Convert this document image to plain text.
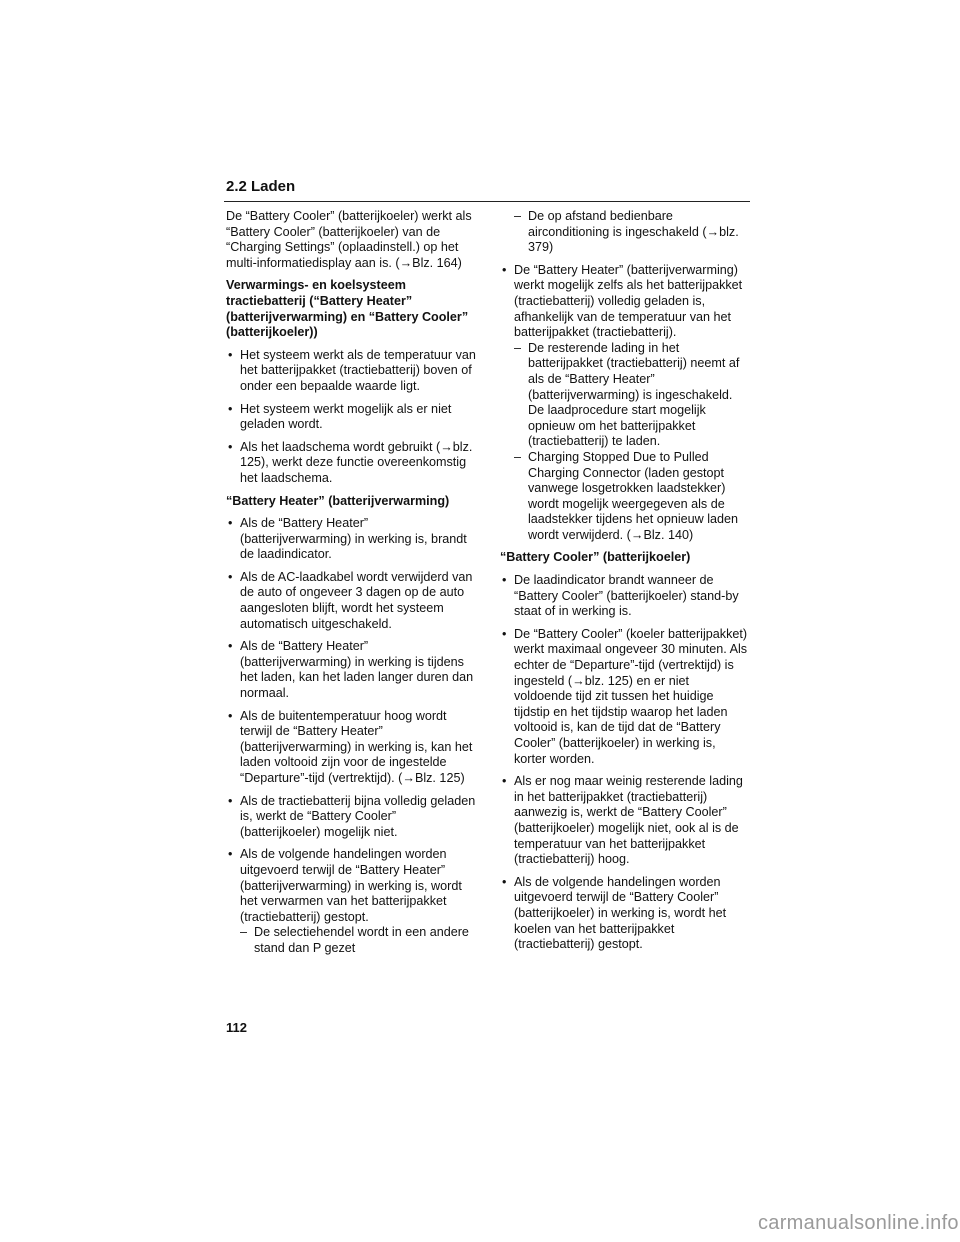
2.2 Laden

De “Battery Cooler” (batterijkoeler) werkt als “Battery Cooler” (batterijkoeler) van de “Charging Settings” (oplaadinstell.) op het multi-informatiedisplay aan is. (→Blz. 164)

Verwarmings- en koelsysteem tractiebatterij (“Battery Heater” (batterijverwarming) en “Battery Cooler” (batterijkoeler))
• Het systeem werkt als de temperatuur van het batterijpakket (tractiebatterij) boven of onder een bepaalde waarde ligt.
• Het systeem werkt mogelijk als er niet geladen wordt.
• Als het laadschema wordt gebruikt (→blz. 125), werkt deze functie overeenkomstig het laadschema.
“Battery Heater” (batterijverwarming)
• Als de “Battery Heater” (batterijverwarming) in werking is, brandt de laadindicator.
• Als de AC-laadkabel wordt verwijderd van de auto of ongeveer 3 dagen op de auto aangesloten blijft, wordt het systeem automatisch uitgeschakeld.
• Als de “Battery Heater” (batterijverwarming) in werking is tijdens het laden, kan het laden langer duren dan normaal.
• Als de buitentemperatuur hoog wordt terwijl de “Battery Heater” (batterijverwarming) in werking is, kan het laden voltooid zijn voor de ingestelde “Departure”-tijd (vertrektijd). (→Blz. 125)
• Als de tractiebatterij bijna volledig geladen is, werkt de “Battery Cooler” (batterijkoeler) mogelijk niet.
• Als de volgende handelingen worden uitgevoerd terwijl de “Battery Heater” (batterijverwarming) in werking is, wordt het verwarmen van het batterijpakket (tractiebatterij) gestopt.
– De selectiehendel wordt in een andere stand dan P gezet
– De op afstand bedienbare airconditioning is ingeschakeld (→blz. 379)
• De “Battery Heater” (batterijverwarming) werkt mogelijk zelfs als het batterijpakket (tractiebatterij) volledig geladen is, afhankelijk van de temperatuur van het batterijpakket (tractiebatterij).
– De resterende lading in het batterijpakket (tractiebatterij) neemt af als de “Battery Heater” (batterijverwarming) is ingeschakeld. De laadprocedure start mogelijk opnieuw om het batterijpakket (tractiebatterij) te laden.
– Charging Stopped Due to Pulled Charging Connector (laden gestopt vanwege losgetrokken laadstekker) wordt mogelijk weergegeven als de laadstekker tijdens het opnieuw laden wordt verwijderd. (→Blz. 140)
“Battery Cooler” (batterijkoeler)
• De laadindicator brandt wanneer de “Battery Cooler” (batterijkoeler) stand-by staat of in werking is.
• De “Battery Cooler” (koeler batterijpakket) werkt maximaal ongeveer 30 minuten. Als echter de “Departure”-tijd (vertrektijd) is ingesteld (→blz. 125) en er niet voldoende tijd zit tussen het huidige tijdstip en het tijdstip waarop het laden voltooid is, kan de tijd dat de “Battery Cooler” (batterijkoeler) in werking is, korter worden.
• Als er nog maar weinig resterende lading in het batterijpakket (tractiebatterij) aanwezig is, werkt de “Battery Cooler” (batterijkoeler) mogelijk niet, ook al is de temperatuur van het batterijpakket (tractiebatterij) hoog.
• Als de volgende handelingen worden uitgevoerd terwijl de “Battery Cooler” (batterijkoeler) in werking is, wordt het koelen van het batterijpakket (tractiebatterij) gestopt.
112
carmanualsonline.info
